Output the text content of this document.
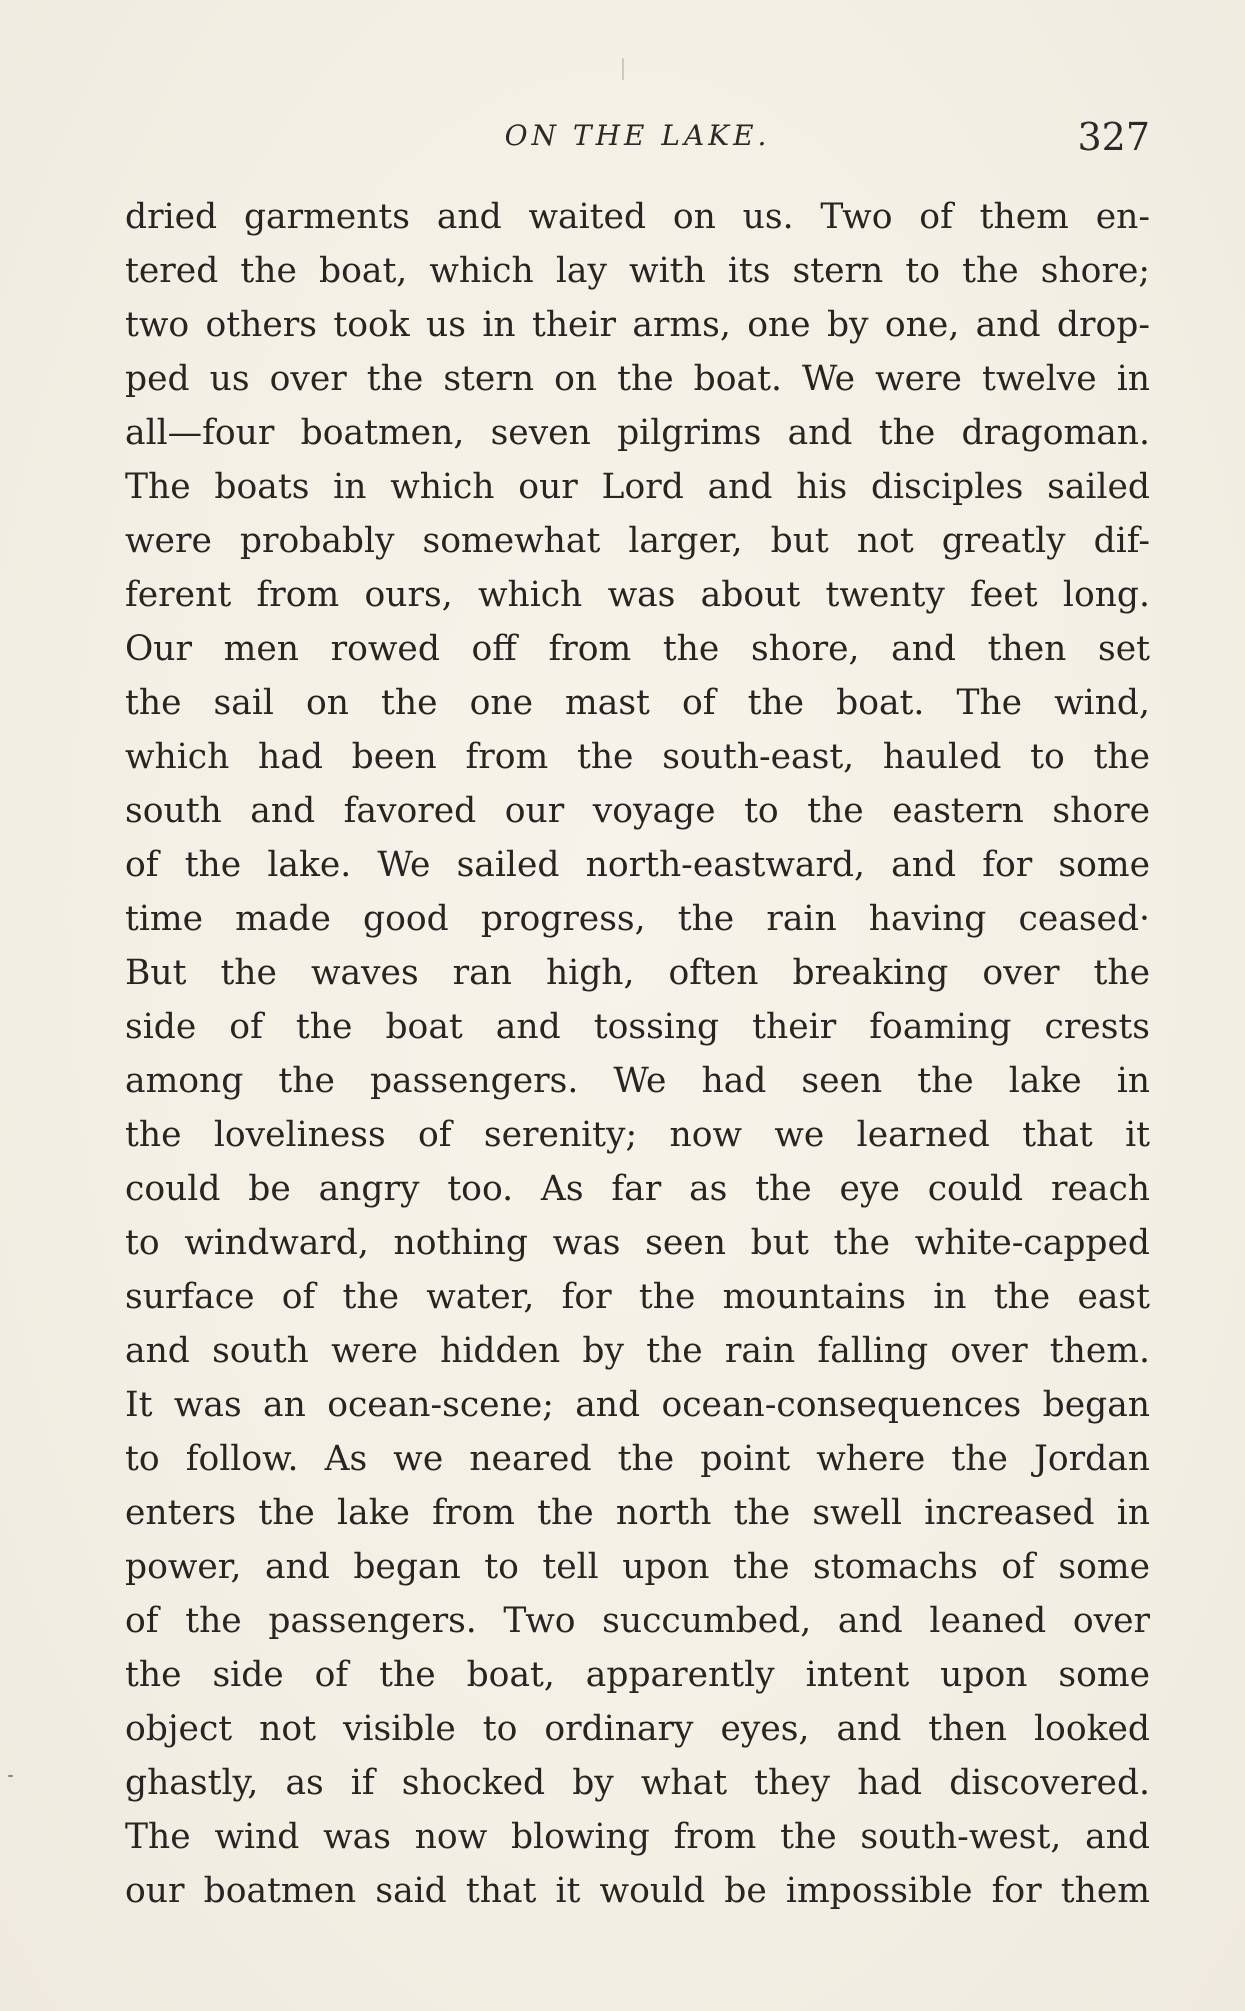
ON THE LAKE.	327
dried garments and waited on us. Two of them en-
tered the boat, which lay with its stern to the shore;
two others took us in their arms, one by one, and drop-
ped us over the stern on the boat. We were twelve in
all—four boatmen, seven pilgrims and the dragoman.
The boats in which our Lord and his disciples sailed
were probably somewhat larger, but not greatly dif-
ferent from ours, which was about twenty feet long.
Our men rowed off from the shore, and then set
the sail on the one mast of the boat. The wind,
which had been from the south-east, hauled to the
south and favored our voyage to the eastern shore
of the lake. We sailed north-eastward, and for some
time made good progress, the rain having ceased·
But the waves ran high, often breaking over the
side of the boat and tossing their foaming crests
among the passengers. We had seen the lake in
the loveliness of serenity; now we learned that it
could be angry too. As far as the eye could reach
to windward, nothing was seen but the white-capped
surface of the water, for the mountains in the east
and south were hidden by the rain falling over them.
It was an ocean-scene; and ocean-consequences began
to follow. As we neared the point where the Jordan
enters the lake from the north the swell increased in
power, and began to tell upon the stomachs of some
of the passengers. Two succumbed, and leaned over
the side of the boat, apparently intent upon some
object not visible to ordinary eyes, and then looked
ghastly, as if shocked by what they had discovered.
The wind was now blowing from the south-west, and
our boatmen said that it would be impossible for them
